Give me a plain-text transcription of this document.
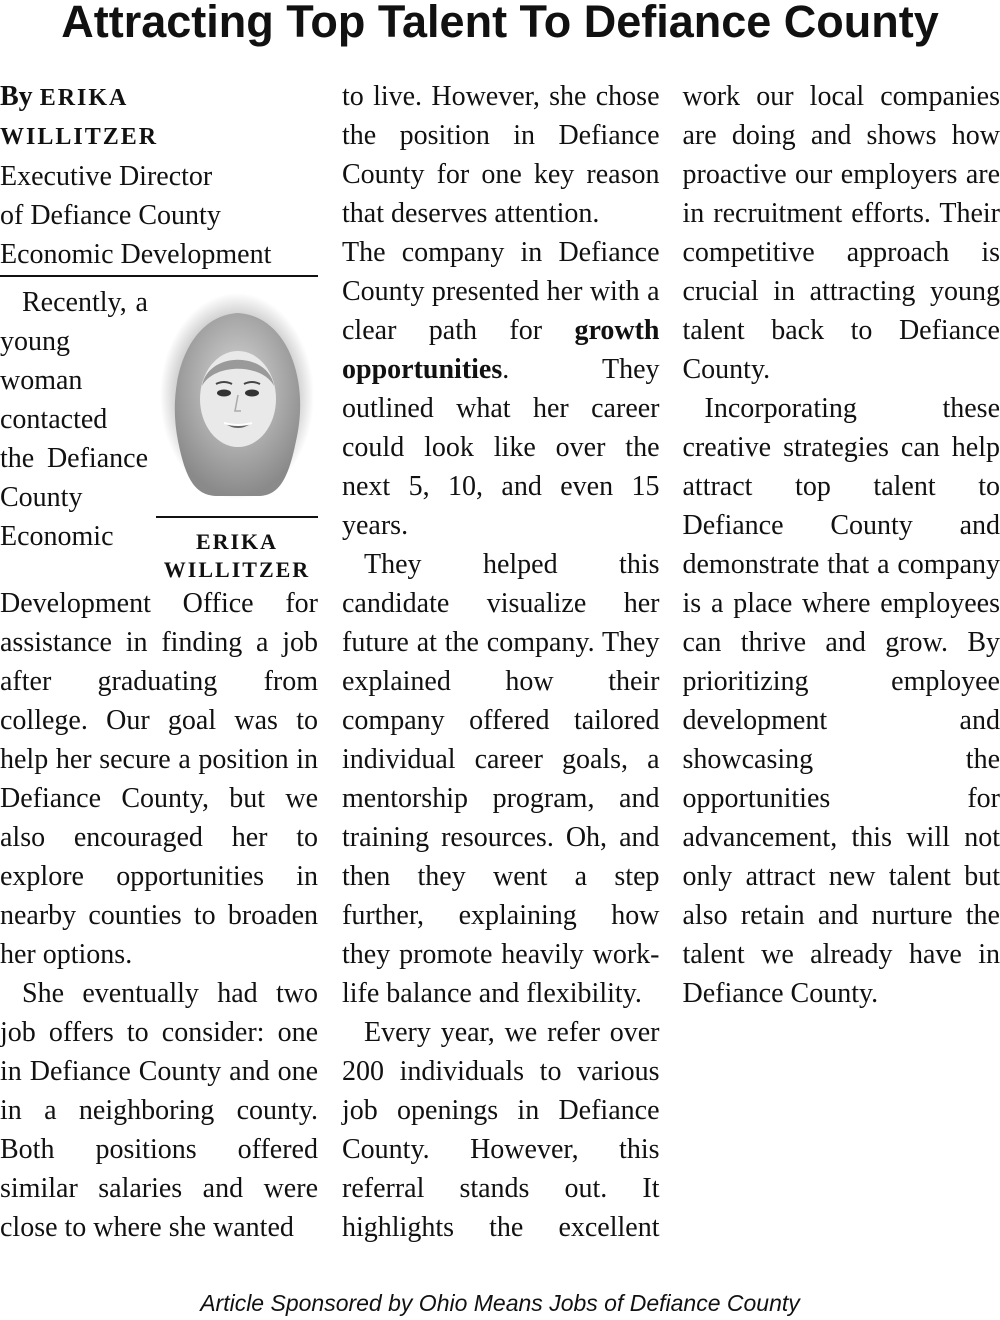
Attracting Top Talent To Defiance County
By ERIKA
WILLITZER
Executive Director
of Defiance County
Economic Development
ERIKA
WILLITZER

Recently, a young woman contacted the Defiance County Economic Development Office for assistance in finding a job after graduating from college. Our goal was to help her secure a position in Defiance County, but we also encouraged her to explore opportunities in nearby counties to broaden her options.

She eventually had two job offers to consider: one in Defiance County and one in a neighboring county. Both positions offered similar salaries and were close to where she wanted

to live. However, she chose the position in Defiance County for one key reason that deserves attention.

The company in Defiance County presented her with a clear path for growth opportunities. They outlined what her career could look like over the next 5, 10, and even 15 years.

They helped this candidate visualize her future at the company. They explained how their company offered tailored individual career goals, a mentorship program, and training resources. Oh, and then they went a step further, explaining how they promote heavily work-life balance and flexibility.

Every year, we refer over 200 individuals to various job openings in Defiance County. However, this referral stands out. It highlights the excellent work our local companies are doing and shows how proactive our employers are in recruitment efforts. Their competitive approach is crucial in attracting young talent back to Defiance County.

Incorporating these creative strategies can help attract top talent to Defiance County and demonstrate that a company is a place where employees can thrive and grow. By prioritizing employee development and showcasing the opportunities for advancement, this will not only attract new talent but also retain and nurture the talent we already have in Defiance County.

Article Sponsored by Ohio Means Jobs of Defiance County
